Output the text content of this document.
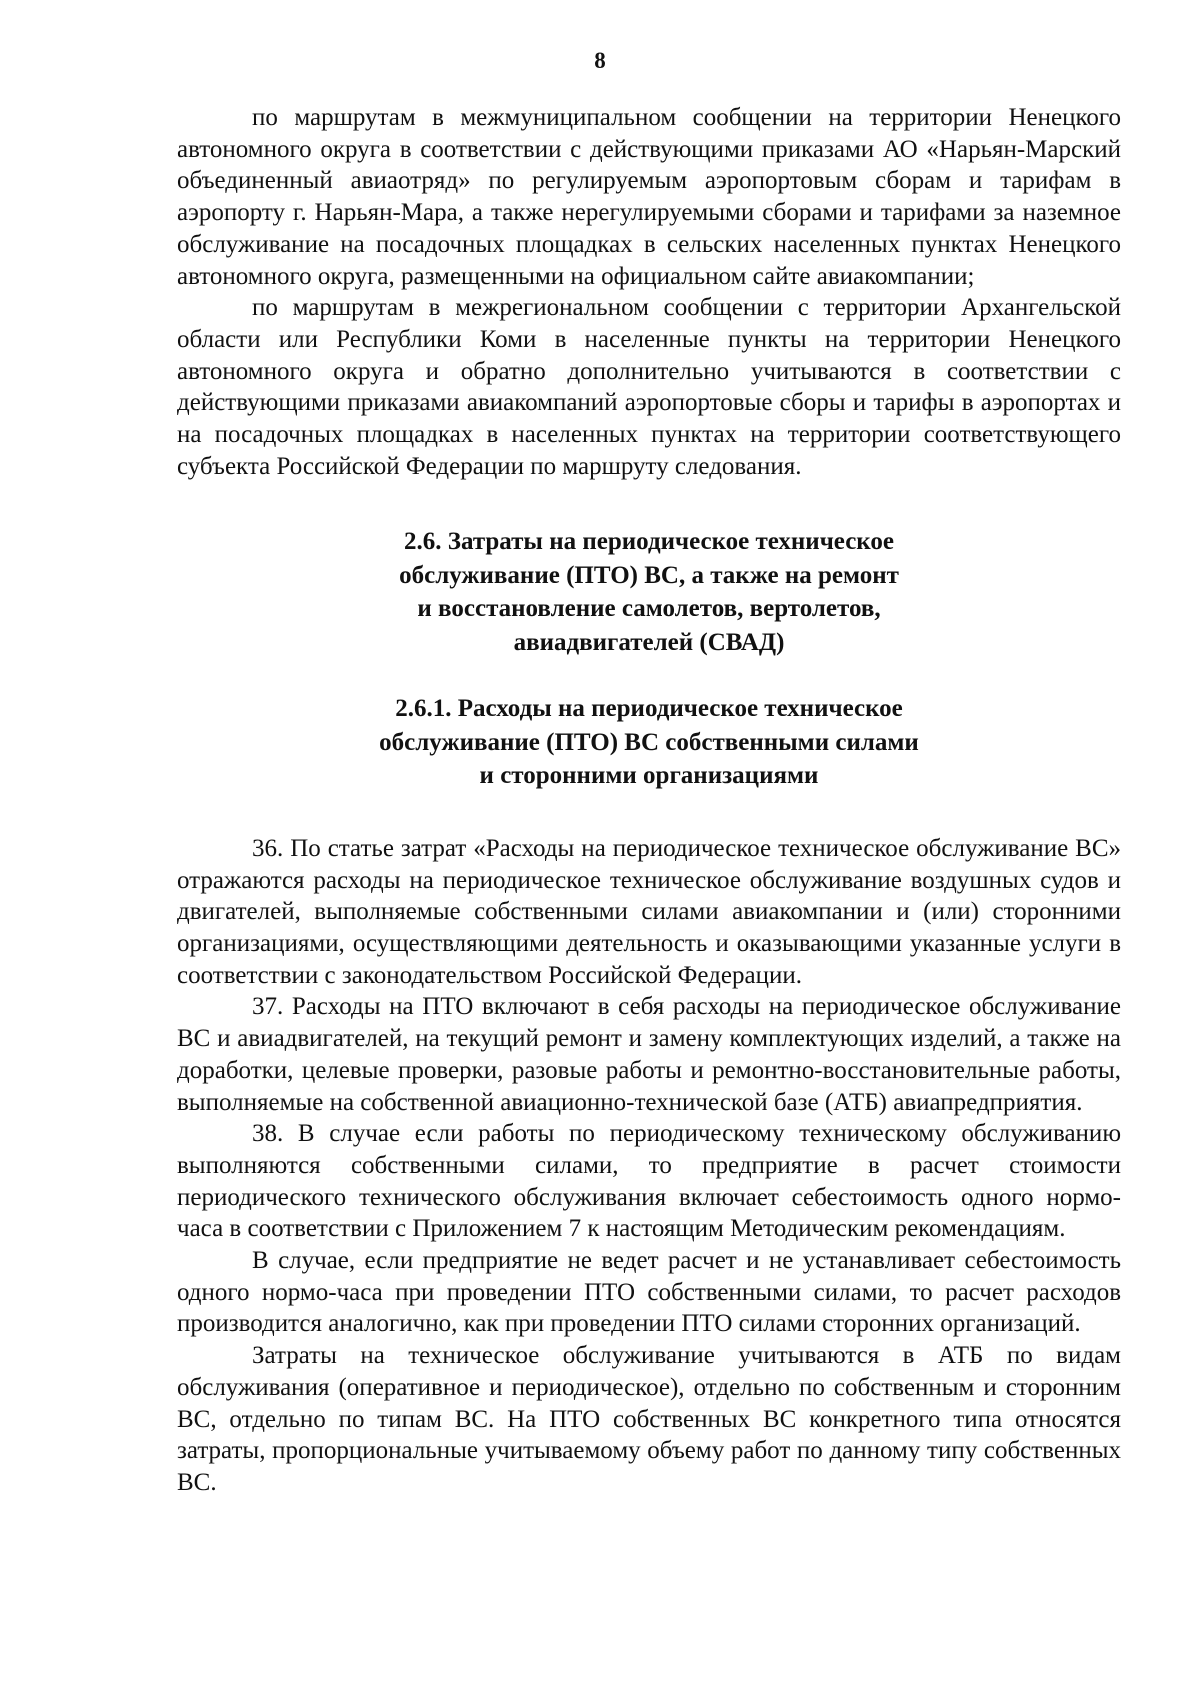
8

по маршрутам в межмуниципальном сообщении на территории Ненецкого автономного округа в соответствии с действующими приказами АО «Нарьян-Марский объединенный авиаотряд» по регулируемым аэропортовым сборам и тарифам в аэропорту г. Нарьян-Мара, а также нерегулируемыми сборами и тарифами за наземное обслуживание на посадочных площадках в сельских населенных пунктах Ненецкого автономного округа, размещенными на официальном сайте авиакомпании;

по маршрутам в межрегиональном сообщении с территории Архангельской области или Республики Коми в населенные пункты на территории Ненецкого автономного округа и обратно дополнительно учитываются в соответствии с действующими приказами авиакомпаний аэропортовые сборы и тарифы в аэропортах и на посадочных площадках в населенных пунктах на территории соответствующего субъекта Российской Федерации по маршруту следования.

2.6. Затраты на периодическое техническое
обслуживание (ПТО) ВС, а также на ремонт
и восстановление самолетов, вертолетов,
авиадвигателей (СВАД)
2.6.1. Расходы на периодическое техническое
обслуживание (ПТО) ВС собственными силами
и сторонними организациями

36. По статье затрат «Расходы на периодическое техническое обслуживание ВС» отражаются расходы на периодическое техническое обслуживание воздушных судов и двигателей, выполняемые собственными силами авиакомпании и (или) сторонними организациями, осуществляющими деятельность и оказывающими указанные услуги в соответствии с законодательством Российской Федерации.

37. Расходы на ПТО включают в себя расходы на периодическое обслуживание ВС и авиадвигателей, на текущий ремонт и замену комплектующих изделий, а также на доработки, целевые проверки, разовые работы и ремонтно-восстановительные работы, выполняемые на собственной авиационно-технической базе (АТБ) авиапредприятия.

38. В случае если работы по периодическому техническому обслуживанию выполняются собственными силами, то предприятие в расчет стоимости периодического технического обслуживания включает себестоимость одного нормо-часа в соответствии с Приложением 7 к настоящим Методическим рекомендациям.

В случае, если предприятие не ведет расчет и не устанавливает себестоимость одного нормо-часа при проведении ПТО собственными силами, то расчет расходов производится аналогично, как при проведении ПТО силами сторонних организаций.

Затраты на техническое обслуживание учитываются в АТБ по видам обслуживания (оперативное и периодическое), отдельно по собственным и сторонним ВС, отдельно по типам ВС. На ПТО собственных ВС конкретного типа относятся затраты, пропорциональные учитываемому объему работ по данному типу собственных ВС.
